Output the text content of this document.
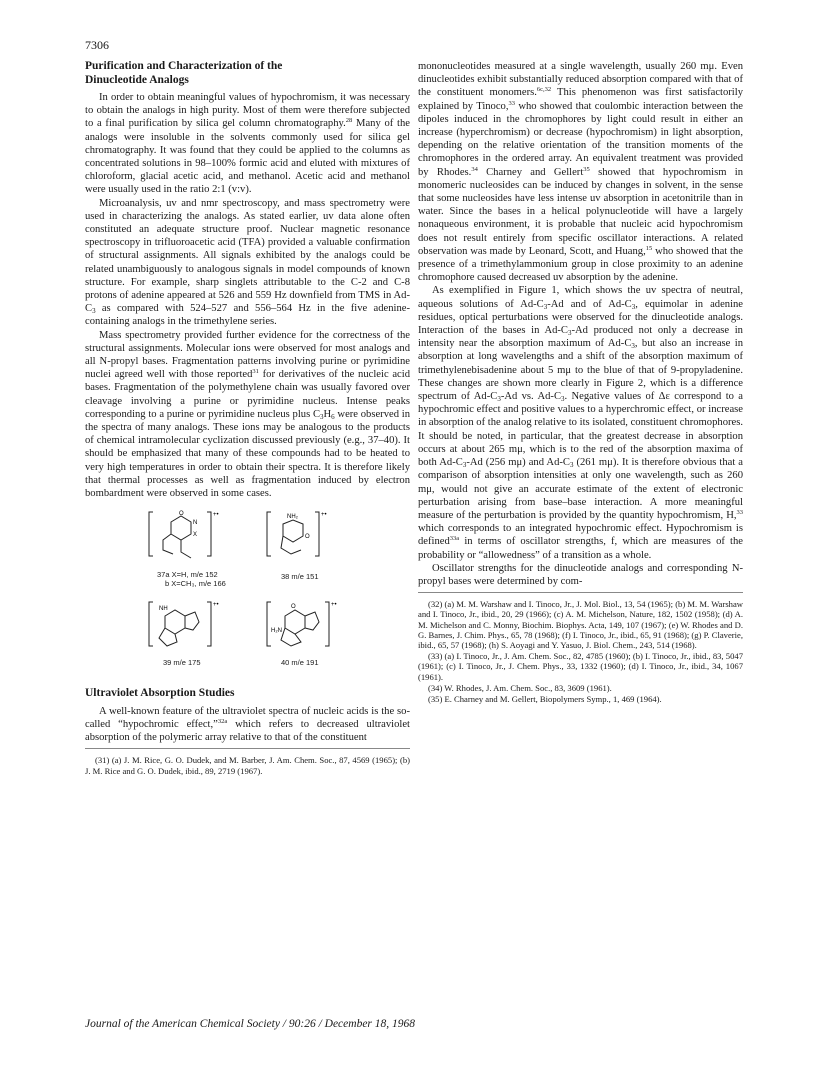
7306
Purification and Characterization of the
Dinucleotide Analogs

In order to obtain meaningful values of hypochromism, it was necessary to obtain the analogs in high purity. Most of them were therefore subjected to a final purification by silica gel column chromatography.$^{28}$ Many of the analogs were insoluble in the solvents commonly used for silica gel chromatography. It was found that they could be applied to the columns as concentrated solutions in 98–100% formic acid and eluted with mixtures of chloroform, glacial acetic acid, and methanol. Acetic acid and methanol were usually used in the ratio 2:1 (v:v).

Microanalysis, uv and nmr spectroscopy, and mass spectrometry were used in characterizing the analogs. As stated earlier, uv data alone often constituted an adequate structure proof. Nuclear magnetic resonance spectroscopy in trifluoroacetic acid (TFA) provided a valuable confirmation of structural assignments. All signals exhibited by the analogs could be related unambiguously to analogous signals in model compounds of known structure. For example, sharp singlets attributable to the C-2 and C-8 protons of adenine appeared at 526 and 559 Hz downfield from TMS in $Ad-C_3$ as compared with 524–527 and 556–564 Hz in the five adenine-containing analogs in the trimethylene series.

Mass spectrometry provided further evidence for the correctness of the structural assignments. Molecular ions were observed for most analogs and all N-propyl bases. Fragmentation patterns involving purine or pyrimidine nuclei agreed well with those reported$^{31}$ for derivatives of the nucleic acid bases. Fragmentation of the polymethylene chain was usually favored over cleavage involving a purine or pyrimidine nucleus. Intense peaks corresponding to a purine or pyrimidine nucleus plus $C_3H_6$ were observed in the spectra of many analogs. These ions may be analogous to the products of chemical intramolecular cyclization discussed previously (e.g., 37–40). It should be emphasized that many of these compounds had to be heated to very high temperatures in order to obtain their spectra. It is therefore likely that thermal processes as well as fragmentation induced by electron bombardment were observed in some cases.

+•
O
N
X
37a X=H, m/e 152
b X=CH₃, m/e 166
+•
NH₂
O
38 m/e 151
+•
NH
39 m/e 175
+•
O
H₂N
40 m/e 191
Ultraviolet Absorption Studies

A well-known feature of the ultraviolet spectra of nucleic acids is the so-called “hypochromic effect,”$^{32a}$ which refers to decreased ultraviolet absorption of the polymeric array relative to that of the constituent

(31) (a) J. M. Rice, G. O. Dudek, and M. Barber, J. Am. Chem. Soc., 87, 4569 (1965); (b) J. M. Rice and G. O. Dudek, ibid., 89, 2719 (1967).

mononucleotides measured at a single wavelength, usually 260 mμ. Even dinucleotides exhibit substantially reduced absorption compared with that of the constituent monomers.$^{6c,32}$ This phenomenon was first satisfactorily explained by Tinoco,$^{33}$ who showed that coulombic interaction between the dipoles induced in the chromophores by light could result in either an increase (hyperchromism) or decrease (hypochromism) in light absorption, depending on the relative orientation of the transition moments of the chromophores in the ordered array. An equivalent treatment was provided by Rhodes.$^{34}$ Charney and Gellert$^{35}$ showed that hypochromism in monomeric nucleosides can be induced by changes in solvent, in the sense that some nucleosides have less intense uv absorption in acetonitrile than in water. Since the bases in a helical polynucleotide will have a largely nonaqueous environment, it is probable that nucleic acid hypochromism does not result entirely from specific oscillator interactions. A related observation was made by Leonard, Scott, and Huang,$^{15}$ who showed that the presence of a trimethylammonium group in close proximity to an adenine chromophore caused decreased uv absorption by the adenine.

As exemplified in Figure 1, which shows the uv spectra of neutral, aqueous solutions of $Ad-C_3-Ad$ and of $Ad-C_3$, equimolar in adenine residues, optical perturbations were observed for the dinucleotide analogs. Interaction of the bases in $Ad-C_3-Ad$ produced not only a decrease in intensity near the absorption maximum of $Ad-C_3$, but also an increase in absorption at long wavelengths and a shift of the absorption maximum of trimethylenebisadenine about 5 mμ to the blue of that of 9-propyladenine. These changes are shown more clearly in Figure 2, which is a difference spectrum of $Ad-C_3-Ad$ vs. $Ad-C_3$. Negative values of Δε correspond to a hypochromic effect and positive values to a hyperchromic effect, or increase in absorption of the analog relative to its isolated, constituent chromophores. It should be noted, in particular, that the greatest decrease in absorption occurs at about 265 mμ, which is to the red of the absorption maxima of both $Ad-C_3-Ad$ (256 mμ) and $Ad-C_3$ (261 mμ). It is therefore obvious that a comparison of absorption intensities at only one wavelength, such as 260 mμ, would not give an accurate estimate of the extent of electronic perturbation arising from base–base interaction. A more meaningful measure of the perturbation is provided by the quantity hypochromism, H,$^{33}$ which corresponds to an integrated hypochromic effect. Hypochromism is defined$^{33a}$ in terms of oscillator strengths, f, which are measures of the probability or “allowedness” of a transition as a whole.

Oscillator strengths for the dinucleotide analogs and corresponding N-propyl bases were determined by com-

(32) (a) M. M. Warshaw and I. Tinoco, Jr., J. Mol. Biol., 13, 54 (1965); (b) M. M. Warshaw and I. Tinoco, Jr., ibid., 20, 29 (1966); (c) A. M. Michelson, Nature, 182, 1502 (1958); (d) A. M. Michelson and C. Monny, Biochim. Biophys. Acta, 149, 107 (1967); (e) W. Rhodes and D. G. Barnes, J. Chim. Phys., 65, 78 (1968); (f) I. Tinoco, Jr., ibid., 65, 91 (1968); (g) P. Claverie, ibid., 65, 57 (1968); (h) S. Aoyagi and Y. Yasuo, J. Biol. Chem., 243, 514 (1968).

(33) (a) I. Tinoco, Jr., J. Am. Chem. Soc., 82, 4785 (1960); (b) I. Tinoco, Jr., ibid., 83, 5047 (1961); (c) I. Tinoco, Jr., J. Chem. Phys., 33, 1332 (1960); (d) I. Tinoco, Jr., ibid., 34, 1067 (1961).

(34) W. Rhodes, J. Am. Chem. Soc., 83, 3609 (1961).

(35) E. Charney and M. Gellert, Biopolymers Symp., 1, 469 (1964).

Journal of the American Chemical Society / 90:26 / December 18, 1968
